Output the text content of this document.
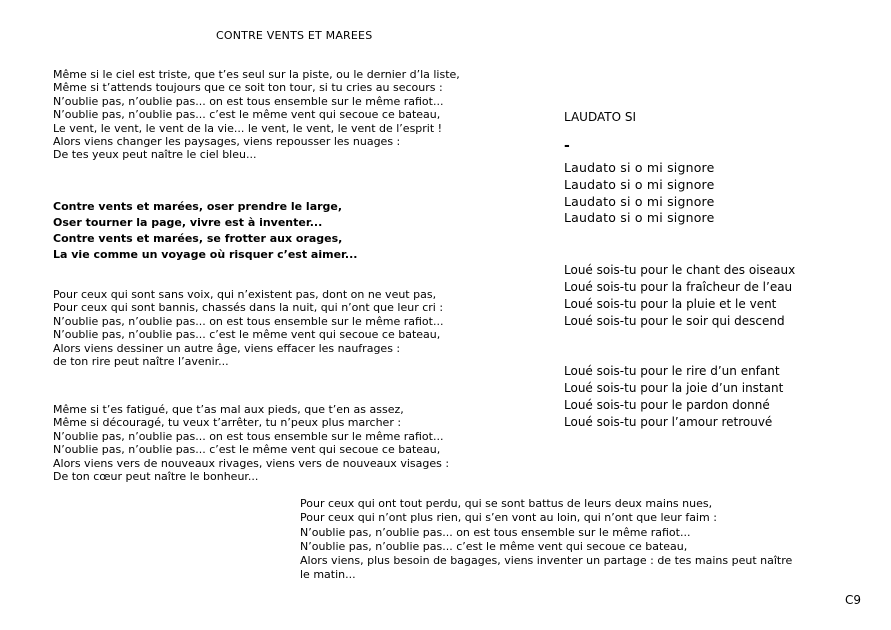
CONTRE VENTS ET MAREES
Même si le ciel est triste, que t’es seul sur la piste, ou le dernier d’la liste,
Même si t’attends toujours que ce soit ton tour, si tu cries au secours :
N’oublie pas, n’oublie pas... on est tous ensemble sur le même rafiot...
N’oublie pas, n’oublie pas... c’est le même vent qui secoue ce bateau,
Le vent, le vent, le vent de la vie... le vent, le vent, le vent de l’esprit !
Alors viens changer les paysages, viens repousser les nuages :
De tes yeux peut naître le ciel bleu...
Contre vents et marées, oser prendre le large,
Oser tourner la page, vivre est à inventer...
Contre vents et marées, se frotter aux orages,
La vie comme un voyage où risquer c’est aimer...
Pour ceux qui sont sans voix, qui n’existent pas, dont on ne veut pas,
Pour ceux qui sont bannis, chassés dans la nuit, qui n’ont que leur cri :
N’oublie pas, n’oublie pas... on est tous ensemble sur le même rafiot...
N’oublie pas, n’oublie pas... c’est le même vent qui secoue ce bateau,
Alors viens dessiner un autre âge, viens effacer les naufrages :
de ton rire peut naître l’avenir...
Même si t’es fatigué, que t’as mal aux pieds, que t’en as assez,
Même si découragé, tu veux t’arrêter, tu n’peux plus marcher :
N’oublie pas, n’oublie pas... on est tous ensemble sur le même rafiot...
N’oublie pas, n’oublie pas... c’est le même vent qui secoue ce bateau,
Alors viens vers de nouveaux rivages, viens vers de nouveaux visages :
De ton cœur peut naître le bonheur...
Pour ceux qui ont tout perdu, qui se sont battus de leurs deux mains nues,
Pour ceux qui n’ont plus rien, qui s’en vont au loin, qui n’ont que leur faim :
N’oublie pas, n’oublie pas... on est tous ensemble sur le même rafiot...
N’oublie pas, n’oublie pas... c’est le même vent qui secoue ce bateau,
Alors viens, plus besoin de bagages, viens inventer un partage : de tes mains peut naître
le matin...
LAUDATO SI
-
Laudato si o mi signore
Laudato si o mi signore
Laudato si o mi signore
Laudato si o mi signore
Loué sois-tu pour le chant des oiseaux
Loué sois-tu pour la fraîcheur de l’eau
Loué sois-tu pour la pluie et le vent
Loué sois-tu pour le soir qui descend
Loué sois-tu pour le rire d’un enfant
Loué sois-tu pour la joie d’un instant
Loué sois-tu pour le pardon donné
Loué sois-tu pour l’amour retrouvé
C9
